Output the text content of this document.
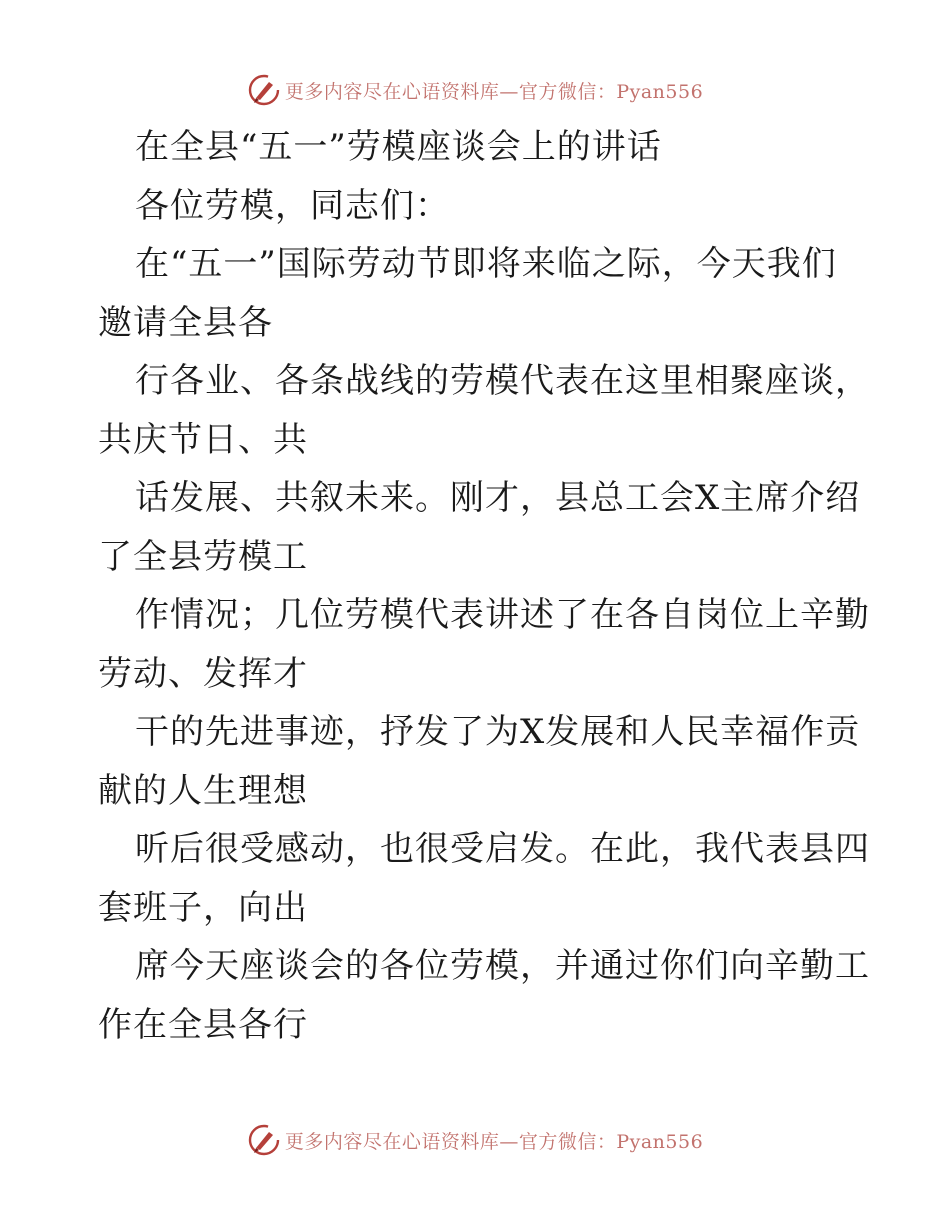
更多内容尽在心语资料库—官方微信：Pyan556
在全县“五一”劳模座谈会上的讲话
各位劳模，同志们：
在“五一”国际劳动节即将来临之际，今天我们
邀请全县各
行各业、各条战线的劳模代表在这里相聚座谈，
共庆节日、共
话发展、共叙未来。刚才，县总工会X主席介绍
了全县劳模工
作情况；几位劳模代表讲述了在各自岗位上辛勤
劳动、发挥才
干的先进事迹，抒发了为X发展和人民幸福作贡
献的人生理想
听后很受感动，也很受启发。在此，我代表县四
套班子，向出
席今天座谈会的各位劳模，并通过你们向辛勤工
作在全县各行
更多内容尽在心语资料库—官方微信：Pyan556
